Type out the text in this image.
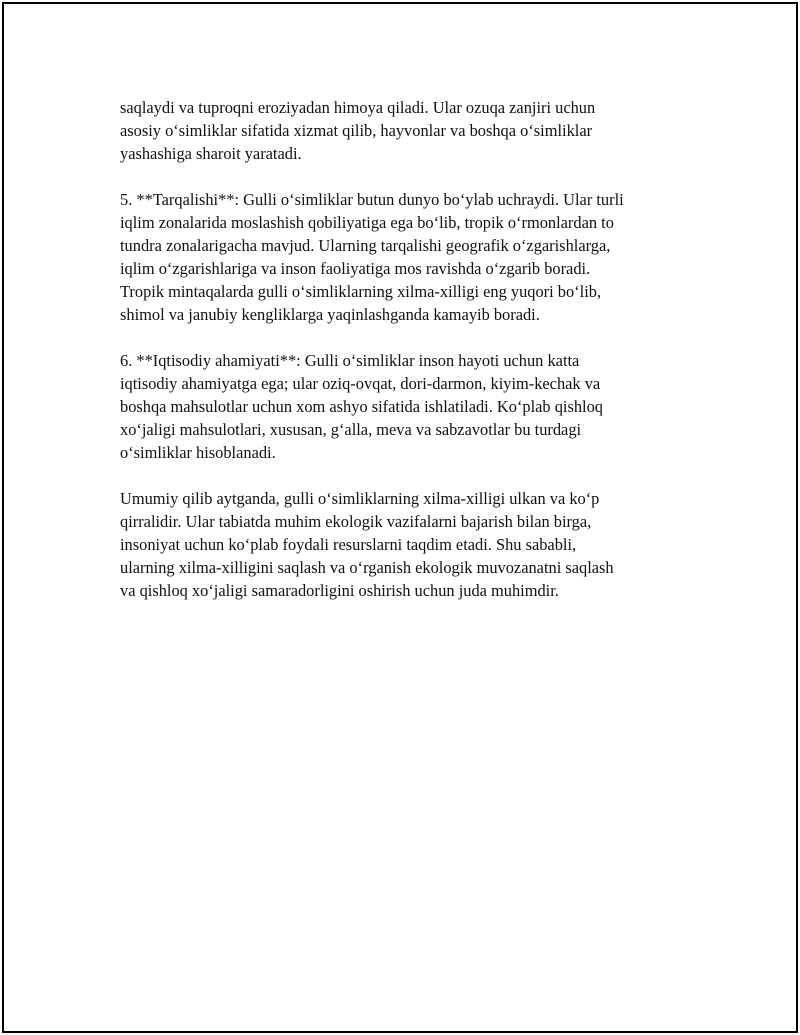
saqlaydi va tuproqni eroziyadan himoya qiladi. Ular ozuqa zanjiri uchun
asosiy o‘simliklar sifatida xizmat qilib, hayvonlar va boshqa o‘simliklar
yashashiga sharoit yaratadi.

5. **Tarqalishi**: Gulli o‘simliklar butun dunyo bo‘ylab uchraydi. Ular turli
iqlim zonalarida moslashish qobiliyatiga ega bo‘lib, tropik o‘rmonlardan to
tundra zonalarigacha mavjud. Ularning tarqalishi geografik o‘zgarishlarga,
iqlim o‘zgarishlariga va inson faoliyatiga mos ravishda o‘zgarib boradi.
Tropik mintaqalarda gulli o‘simliklarning xilma-xilligi eng yuqori bo‘lib,
shimol va janubiy kengliklarga yaqinlashganda kamayib boradi.

6. **Iqtisodiy ahamiyati**: Gulli o‘simliklar inson hayoti uchun katta
iqtisodiy ahamiyatga ega; ular oziq-ovqat, dori-darmon, kiyim-kechak va
boshqa mahsulotlar uchun xom ashyo sifatida ishlatiladi. Ko‘plab qishloq
xo‘jaligi mahsulotlari, xususan, g‘alla, meva va sabzavotlar bu turdagi
o‘simliklar hisoblanadi.

Umumiy qilib aytganda, gulli o‘simliklarning xilma-xilligi ulkan va ko‘p
qirralidir. Ular tabiatda muhim ekologik vazifalarni bajarish bilan birga,
insoniyat uchun ko‘plab foydali resurslarni taqdim etadi. Shu sababli,
ularning xilma-xilligini saqlash va o‘rganish ekologik muvozanatni saqlash
va qishloq xo‘jaligi samaradorligini oshirish uchun juda muhimdir.
